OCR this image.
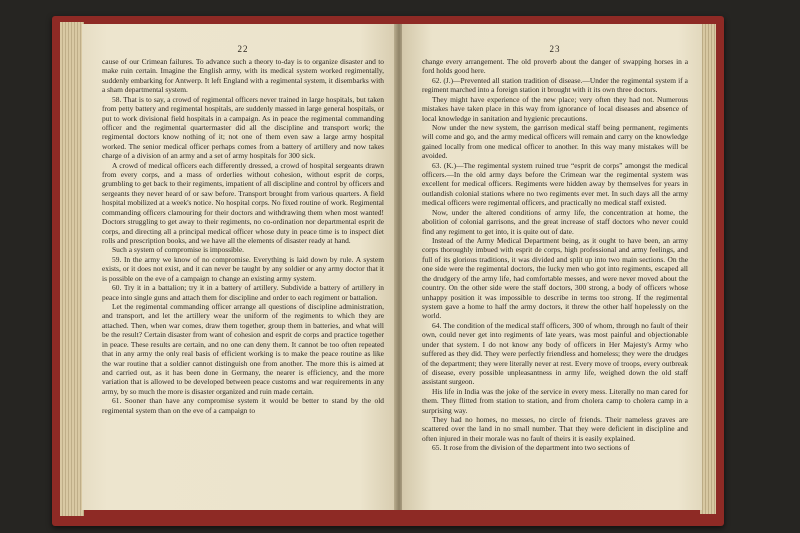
22

cause of our Crimean failures. To advance such a theory to-day is to organize disaster and to make ruin certain. Imagine the English army, with its medical system worked regimentally, suddenly embarking for Antwerp. It left England with a regimental system, it disembarks with a sham departmental system.

58. That is to say, a crowd of regimental officers never trained in large hospitals, but taken from petty battery and regimental hospitals, are suddenly massed in large general hospitals, or put to work divisional field hospitals in a campaign. As in peace the regimental commanding officer and the regimental quartermaster did all the discipline and transport work; the regimental doctors know nothing of it; not one of them even saw a large army hospital worked. The senior medical officer perhaps comes from a battery of artillery and now takes charge of a division of an army and a set of army hospitals for 300 sick.

A crowd of medical officers each differently dressed, a crowd of hospital sergeants drawn from every corps, and a mass of orderlies without cohesion, without esprit de corps, grumbling to get back to their regiments, impatient of all discipline and control by officers and sergeants they never heard of or saw before. Transport brought from various quarters. A field hospital mobilized at a week's notice. No hospital corps. No fixed routine of work. Regimental commanding officers clamouring for their doctors and withdrawing them when most wanted! Doctors struggling to get away to their regiments, no co-ordination nor departmental esprit de corps, and directing all a principal medical officer whose duty in peace time is to inspect diet rolls and prescription books, and we have all the elements of disaster ready at hand.

Such a system of compromise is impossible.

59. In the army we know of no compromise. Everything is laid down by rule. A system exists, or it does not exist, and it can never be taught by any soldier or any army doctor that it is possible on the eve of a campaign to change an existing army system.

60. Try it in a battalion; try it in a battery of artillery. Subdivide a battery of artillery in peace into single guns and attach them for discipline and order to each regiment or battalion.

Let the regimental commanding officer arrange all questions of discipline administration, and transport, and let the artillery wear the uniform of the regiments to which they are attached. Then, when war comes, draw them together, group them in batteries, and what will be the result? Certain disaster from want of cohesion and esprit de corps and practice together in peace. These results are certain, and no one can deny them. It cannot be too often repeated that in any army the only real basis of efficient working is to make the peace routine as like the war routine that a soldier cannot distinguish one from another. The more this is aimed at and carried out, as it has been done in Germany, the nearer is efficiency, and the more variation that is allowed to be developed between peace customs and war requirements in any army, by so much the more is disaster organized and ruin made certain.

61. Sooner than have any compromise system it would be better to stand by the old regimental system than on the eve of a campaign to

23

change every arrangement. The old proverb about the danger of swapping horses in a ford holds good here.

62. (J.)—Prevented all station tradition of disease.—Under the regimental system if a regiment marched into a foreign station it brought with it its own three doctors.

They might have experience of the new place; very often they had not. Numerous mistakes have taken place in this way from ignorance of local diseases and absence of local knowledge in sanitation and hygienic precautions.

Now under the new system, the garrison medical staff being permanent, regiments will come and go, and the army medical officers will remain and carry on the knowledge gained locally from one medical officer to another. In this way many mistakes will be avoided.

63. (K.)—The regimental system ruined true “esprit de corps” amongst the medical officers.—In the old army days before the Crimean war the regimental system was excellent for medical officers. Regiments were hidden away by themselves for years in outlandish colonial stations where no two regiments ever met. In such days all the army medical officers were regimental officers, and practically no medical staff existed.

Now, under the altered conditions of army life, the concentration at home, the abolition of colonial garrisons, and the great increase of staff doctors who never could find any regiment to get into, it is quite out of date.

Instead of the Army Medical Department being, as it ought to have been, an army corps thoroughly imbued with esprit de corps, high professional and army feelings, and full of its glorious traditions, it was divided and split up into two main sections. On the one side were the regimental doctors, the lucky men who got into regiments, escaped all the drudgery of the army life, had comfortable messes, and were never moved about the country. On the other side were the staff doctors, 300 strong, a body of officers whose unhappy position it was impossible to describe in terms too strong. If the regimental system gave a home to half the army doctors, it threw the other half hopelessly on the world.

64. The condition of the medical staff officers, 300 of whom, through no fault of their own, could never get into regiments of late years, was most painful and objectionable under that system. I do not know any body of officers in Her Majesty's Army who suffered as they did. They were perfectly friendless and homeless; they were the drudges of the department; they were literally never at rest. Every move of troops, every outbreak of disease, every possible unpleasantness in army life, weighed down the old staff assistant surgeon.

His life in India was the joke of the service in every mess. Literally no man cared for them. They flitted from station to station, and from cholera camp to cholera camp in a surprising way.

They had no homes, no messes, no circle of friends. Their nameless graves are scattered over the land in no small number. That they were deficient in discipline and often injured in their morale was no fault of theirs it is easily explained.

65. It rose from the division of the department into two sections of
